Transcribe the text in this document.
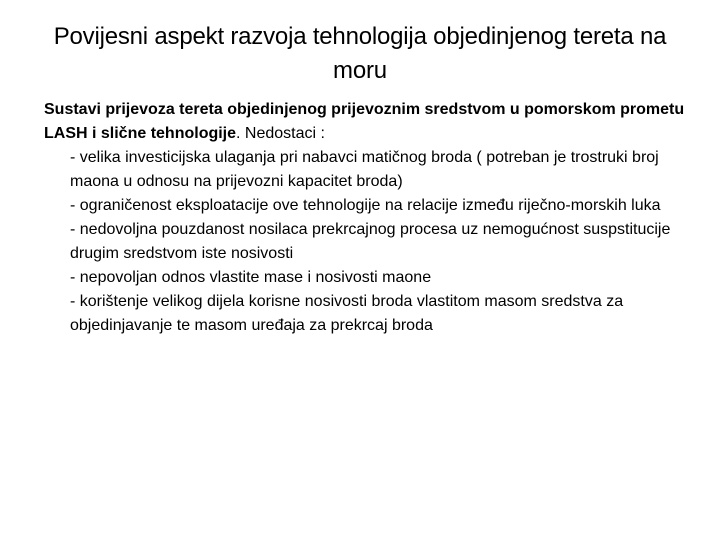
Povijesni aspekt razvoja tehnologija objedinjenog tereta na moru

Sustavi prijevoza tereta objedinjenog prijevoznim sredstvom u pomorskom prometu

LASH i slične tehnologije. Nedostaci :

- velika investicijska ulaganja pri nabavci matičnog broda ( potreban je trostruki broj maona u odnosu na prijevozni kapacitet broda)

- ograničenost eksploatacije ove tehnologije na relacije između riječno-morskih luka

- nedovoljna pouzdanost nosilaca prekrcajnog procesa uz nemogućnost suspstitucije drugim sredstvom iste nosivosti

- nepovoljan odnos vlastite mase i nosivosti maone

- korištenje velikog dijela korisne nosivosti broda vlastitom masom sredstva za objedinjavanje te masom uređaja za prekrcaj broda
